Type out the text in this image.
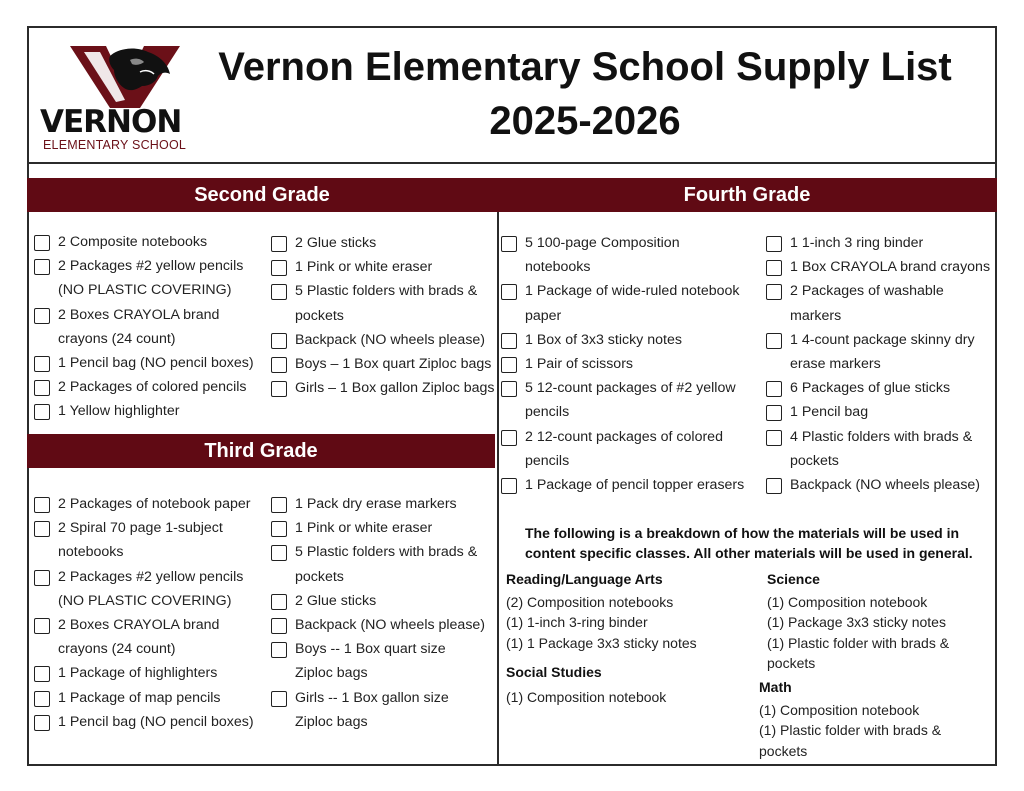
VERNON
ELEMENTARY SCHOOL
Vernon Elementary School Supply List
2025-2026
Second Grade	Fourth Grade
Third Grade
2 Composite notebooks
2 Packages #2 yellow pencils (NO PLASTIC COVERING)
2 Boxes CRAYOLA brand crayons (24 count)
1 Pencil bag (NO pencil boxes)
2 Packages of colored pencils
1 Yellow highlighter
2 Glue sticks
1 Pink or white eraser
5 Plastic folders with brads & pockets
Backpack (NO wheels please)
Boys – 1 Box quart Ziploc bags
Girls – 1 Box gallon Ziploc bags
2 Packages of notebook paper
2 Spiral 70 page 1-subject notebooks
2 Packages #2 yellow pencils (NO PLASTIC COVERING)
2 Boxes CRAYOLA brand crayons (24 count)
1 Package of highlighters
1 Package of map pencils
1 Pencil bag (NO pencil boxes)
1 Pack dry erase markers
1 Pink or white eraser
5 Plastic folders with brads & pockets
2 Glue sticks
Backpack (NO wheels please)
Boys -- 1 Box quart size Ziploc bags
Girls -- 1 Box gallon size Ziploc bags
5 100-page Composition notebooks
1 Package of wide-ruled notebook paper
1 Box of 3x3 sticky notes
1 Pair of scissors
5 12-count packages of #2 yellow pencils
2 12-count packages of colored pencils
1 Package of pencil topper erasers
1 1-inch 3 ring binder
1 Box CRAYOLA brand crayons
2 Packages of washable markers
1 4-count package skinny dry erase markers
6 Packages of glue sticks
1 Pencil bag
4 Plastic folders with brads & pockets
Backpack (NO wheels please)
The following is a breakdown of how the materials will be used in content specific classes. All other materials will be used in general.
Reading/Language Arts
(2) Composition notebooks
(1) 1-inch 3-ring binder
(1) 1 Package 3x3 sticky notes
Social Studies
(1) Composition notebook
Science
(1) Composition notebook
(1) Package 3x3 sticky notes
(1) Plastic folder with brads & pockets
Math
(1) Composition notebook
(1) Plastic folder with brads & pockets
